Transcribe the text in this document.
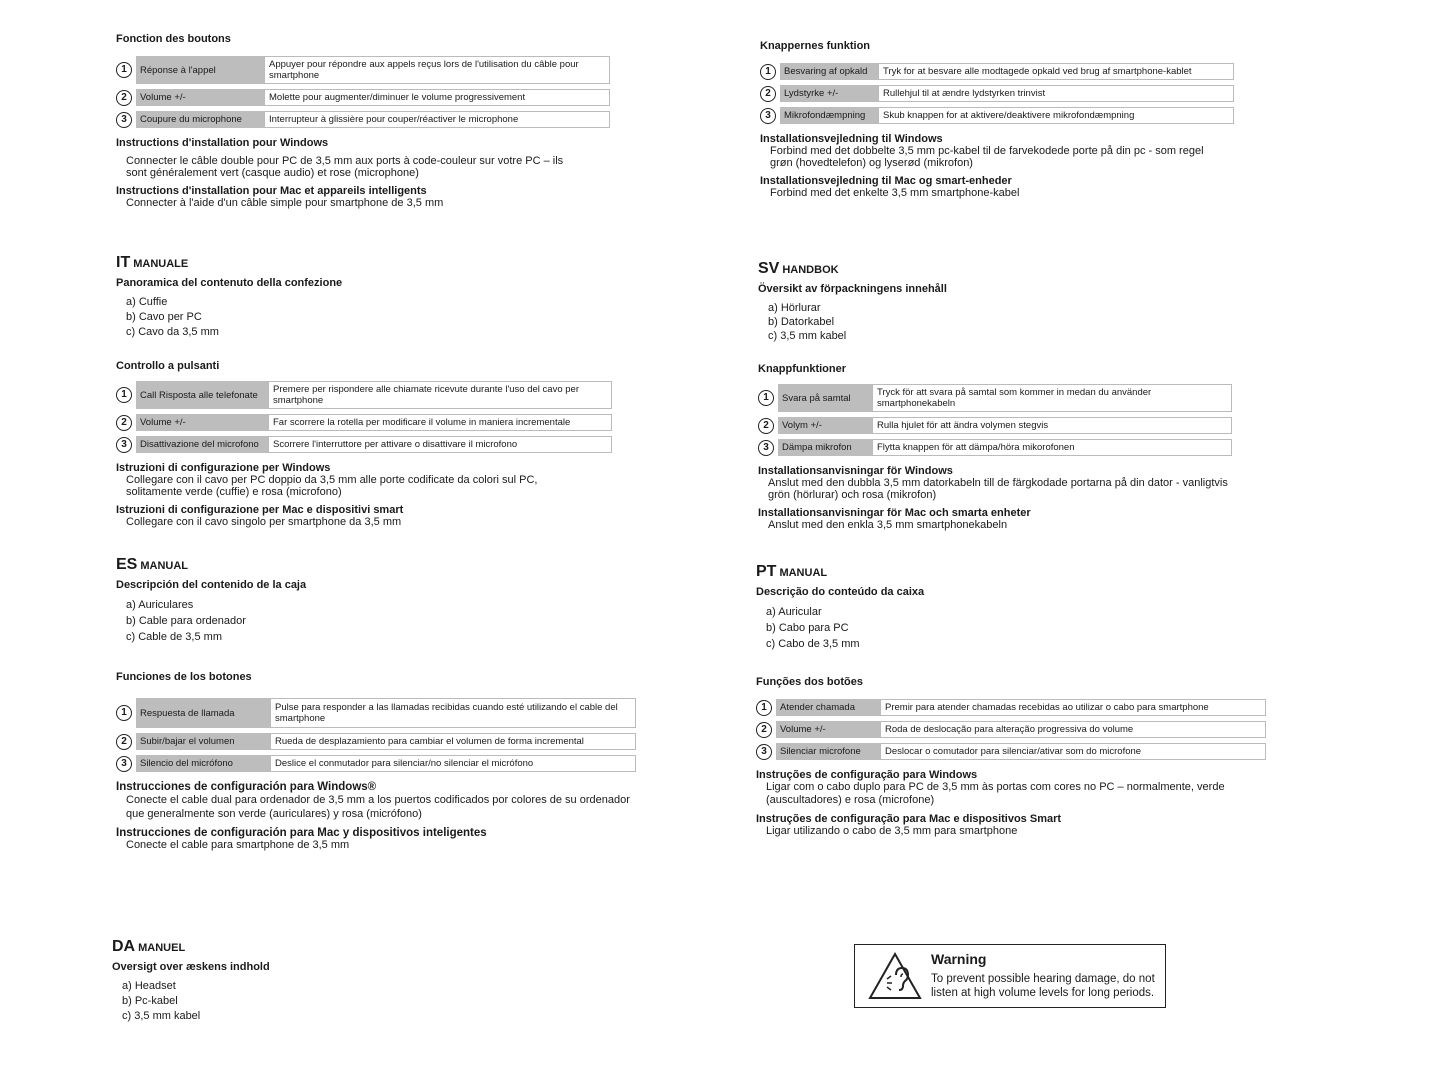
Fonction des boutons
1	Réponse à l'appel	Appuyer pour répondre aux appels reçus lors de l'utilisation du câble pour smartphone
2	Volume +/-	Molette pour augmenter/diminuer le volume progressivement
3	Coupure du microphone	Interrupteur à glissière pour couper/réactiver le microphone
Instructions d'installation pour Windows
Connecter le câble double pour PC de 3,5 mm aux ports à code-couleur sur votre PC – ils sont généralement vert (casque audio) et rose (microphone)
Instructions d'installation pour Mac et appareils intelligents
Connecter à l'aide d'un câble simple pour smartphone de 3,5 mm
IT MANUALE
Panoramica del contenuto della confezione
a) Cuffie
b) Cavo per PC
c) Cavo da 3,5 mm
Controllo a pulsanti
1	Call Risposta alle telefonate	Premere per rispondere alle chiamate ricevute durante l'uso del cavo per smartphone
2	Volume +/-	Far scorrere la rotella per modificare il volume in maniera incrementale
3	Disattivazione del microfono	Scorrere l'interruttore per attivare o disattivare il microfono
Istruzioni di configurazione per Windows
Collegare con il cavo per PC doppio da 3,5 mm alle porte codificate da colori sul PC, solitamente verde (cuffie) e rosa (microfono)
Istruzioni di configurazione per Mac e dispositivi smart
Collegare con il cavo singolo per smartphone da 3,5 mm
ES MANUAL
Descripción del contenido de la caja
a) Auriculares
b) Cable para ordenador
c) Cable de 3,5 mm
Funciones de los botones
1	Respuesta de llamada	Pulse para responder a las llamadas recibidas cuando esté utilizando el cable del smartphone
2	Subir/bajar el volumen	Rueda de desplazamiento para cambiar el volumen de forma incremental
3	Silencio del micrófono	Deslice el conmutador para silenciar/no silenciar el micrófono
Instrucciones de configuración para Windows®
Conecte el cable dual para ordenador de 3,5 mm a los puertos codificados por colores de su ordenador que generalmente son verde (auriculares) y rosa (micrófono)
Instrucciones de configuración para Mac y dispositivos inteligentes
Conecte el cable para smartphone de 3,5 mm
DA MANUEL
Oversigt over æskens indhold
a) Headset
b) Pc-kabel
c) 3,5 mm kabel
Knappernes funktion
1	Besvaring af opkald	Tryk for at besvare alle modtagede opkald ved brug af smartphone-kablet
2	Lydstyrke +/-	Rullehjul til at ændre lydstyrken trinvist
3	Mikrofondæmpning	Skub knappen for at aktivere/deaktivere mikrofondæmpning
Installationsvejledning til Windows
Forbind med det dobbelte 3,5 mm pc-kabel til de farvekodede porte på din pc - som regel grøn (hovedtelefon) og lyserød (mikrofon)
Installationsvejledning til Mac og smart-enheder
Forbind med det enkelte 3,5 mm smartphone-kabel
SV HANDBOK
Översikt av förpackningens innehåll
a) Hörlurar
b) Datorkabel
c) 3,5 mm kabel
Knappfunktioner
1	Svara på samtal	Tryck för att svara på samtal som kommer in medan du använder smartphonekabeln
2	Volym +/-	Rulla hjulet för att ändra volymen stegvis
3	Dämpa mikrofon	Flytta knappen för att dämpa/höra mikorofonen
Installationsanvisningar för Windows
Anslut med den dubbla 3,5 mm datorkabeln till de färgkodade portarna på din dator - vanligtvis grön (hörlurar) och rosa (mikrofon)
Installationsanvisningar för Mac och smarta enheter
Anslut med den enkla 3,5 mm smartphonekabeln
PT MANUAL
Descrição do conteúdo da caixa
a) Auricular
b) Cabo para PC
c) Cabo de 3,5 mm
Funções dos botões
1	Atender chamada	Premir para atender chamadas recebidas ao utilizar o cabo para smartphone
2	Volume +/-	Roda de deslocação para alteração progressiva do volume
3	Silenciar microfone	Deslocar o comutador para silenciar/ativar som do microfone
Instruções de configuração para Windows
Ligar com o cabo duplo para PC de 3,5 mm às portas com cores no PC – normalmente, verde (auscultadores) e rosa (microfone)
Instruções de configuração para Mac e dispositivos Smart
Ligar utilizando o cabo de 3,5 mm para smartphone
Warning
To prevent possible hearing damage, do not listen at high volume levels for long periods.
